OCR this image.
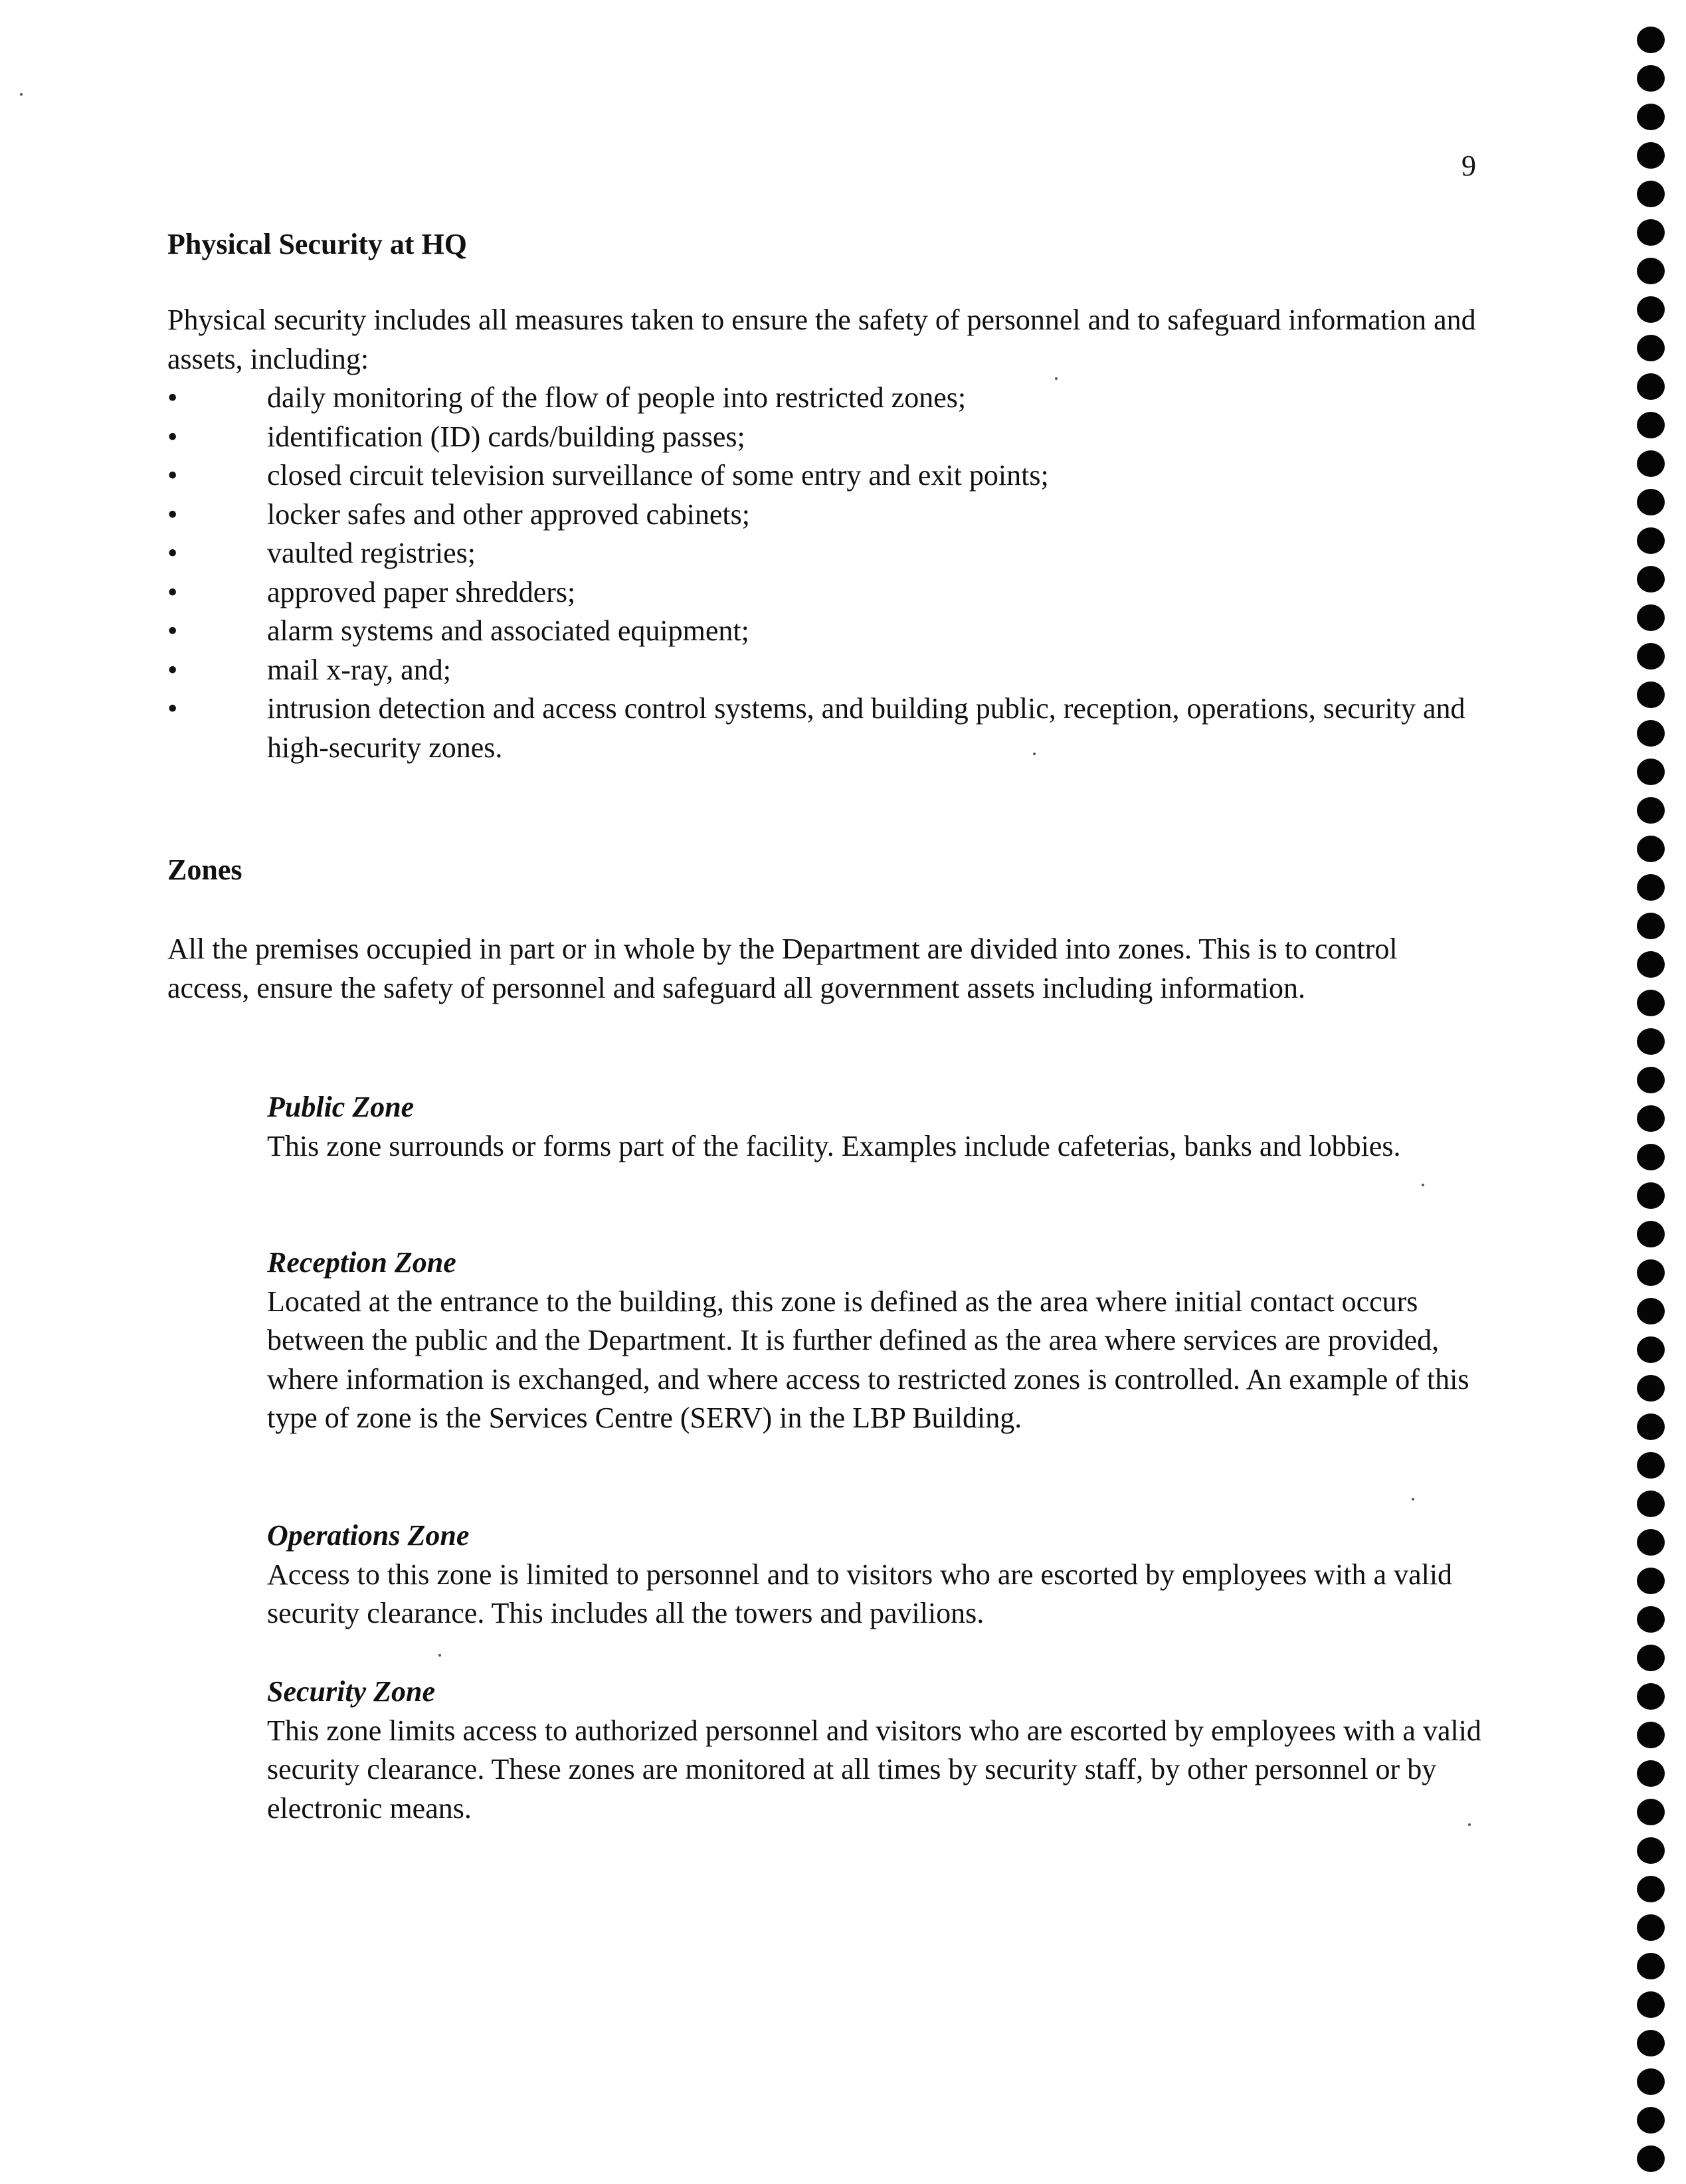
9
Physical Security at HQ
Physical security includes all measures taken to ensure the safety of personnel and to safeguard information and assets, including:
•	daily monitoring of the flow of people into restricted zones;
•	identification (ID) cards/building passes;
•	closed circuit television surveillance of some entry and exit points;
•	locker safes and other approved cabinets;
•	vaulted registries;
•	approved paper shredders;
•	alarm systems and associated equipment;
•	mail x-ray, and;
•	intrusion detection and access control systems, and building public, reception, operations, security and high-security zones.
Zones
All the premises occupied in part or in whole by the Department are divided into zones. This is to control access, ensure the safety of personnel and safeguard all government assets including information.
Public Zone
This zone surrounds or forms part of the facility. Examples include cafeterias, banks and lobbies.
Reception Zone
Located at the entrance to the building, this zone is defined as the area where initial contact occurs between the public and the Department. It is further defined as the area where services are provided, where information is exchanged, and where access to restricted zones is controlled. An example of this type of zone is the Services Centre (SERV) in the LBP Building.
Operations Zone
Access to this zone is limited to personnel and to visitors who are escorted by employees with a valid security clearance. This includes all the towers and pavilions.
Security Zone
This zone limits access to authorized personnel and visitors who are escorted by employees with a valid security clearance. These zones are monitored at all times by security staff, by other personnel or by electronic means.
